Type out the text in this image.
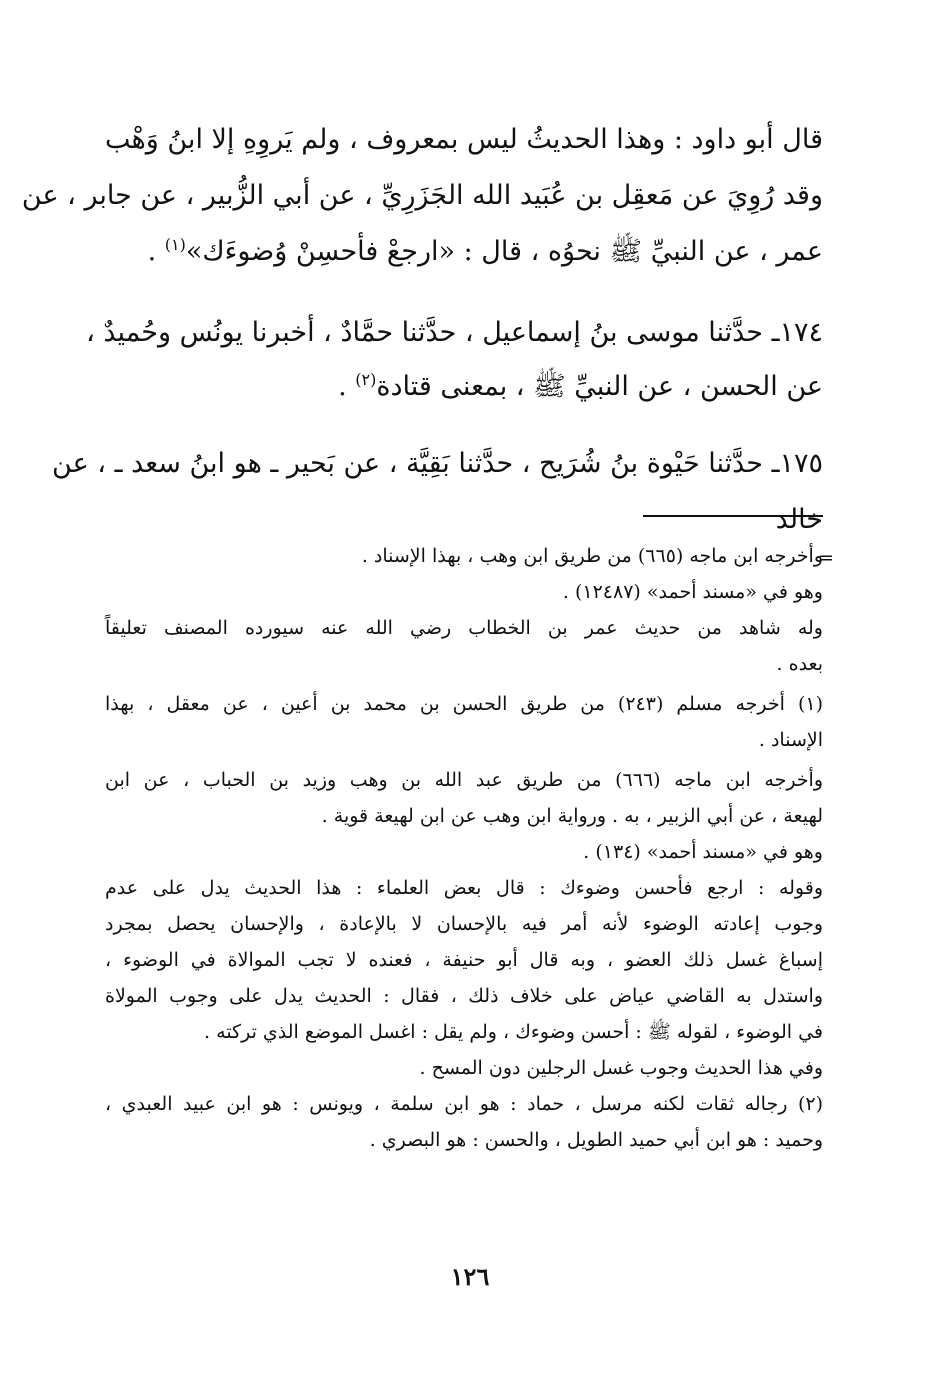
قال أبو داود : وهذا الحديثُ ليس بمعروف ، ولم يَروِهِ إلا ابنُ وَهْب
وقد رُوِيَ عن مَعقِل بن عُبَيد الله الجَزَرِيِّ ، عن أبي الزُّبير ، عن جابر ، عن
عمر ، عن النبيِّ ﷺ نحوُه ، قال : «ارجعْ فأحسِنْ وُضوءَك»$^{(١)}$ .
١٧٤ـ حدَّثنا موسى بنُ إسماعيل ، حدَّثنا حمَّادٌ ، أخبرنا يونُس وحُميدٌ ،
عن الحسن ، عن النبيِّ ﷺ ، بمعنى قتادة$^{(٢)}$ .
١٧٥ـ حدَّثنا حَيْوة بنُ شُرَيح ، حدَّثنا بَقِيَّة ، عن بَحير ـ هو ابنُ سعد ـ ، عن
خالد
=
وأخرجه ابن ماجه (٦٦٥) من طريق ابن وهب ، بهذا الإسناد .
وهو في «مسند أحمد» (١٢٤٨٧) .
وله شاهد من حديث عمر بن الخطاب رضي الله عنه سيورده المصنف تعليقاً
بعده .
(١) أخرجه مسلم (٢٤٣) من طريق الحسن بن محمد بن أعين ، عن معقل ، بهذا
الإسناد .
وأخرجه ابن ماجه (٦٦٦) من طريق عبد الله بن وهب وزيد بن الحباب ، عن ابن
لهيعة ، عن أبي الزبير ، به . ورواية ابن وهب عن ابن لهيعة قوية .
وهو في «مسند أحمد» (١٣٤) .
وقوله : ارجع فأحسن وضوءك : قال بعض العلماء : هذا الحديث يدل على عدم
وجوب إعادته الوضوء لأنه أمر فيه بالإحسان لا بالإعادة ، والإحسان يحصل بمجرد
إسباغ غسل ذلك العضو ، وبه قال أبو حنيفة ، فعنده لا تجب الموالاة في الوضوء ،
واستدل به القاضي عياض على خلاف ذلك ، فقال : الحديث يدل على وجوب المولاة
في الوضوء ، لقوله ﷺ : أحسن وضوءك ، ولم يقل : اغسل الموضع الذي تركته .
وفي هذا الحديث وجوب غسل الرجلين دون المسح .
(٢) رجاله ثقات لكنه مرسل ، حماد : هو ابن سلمة ، ويونس : هو ابن عبيد العبدي ،
وحميد : هو ابن أبي حميد الطويل ، والحسن : هو البصري .
١٢٦
